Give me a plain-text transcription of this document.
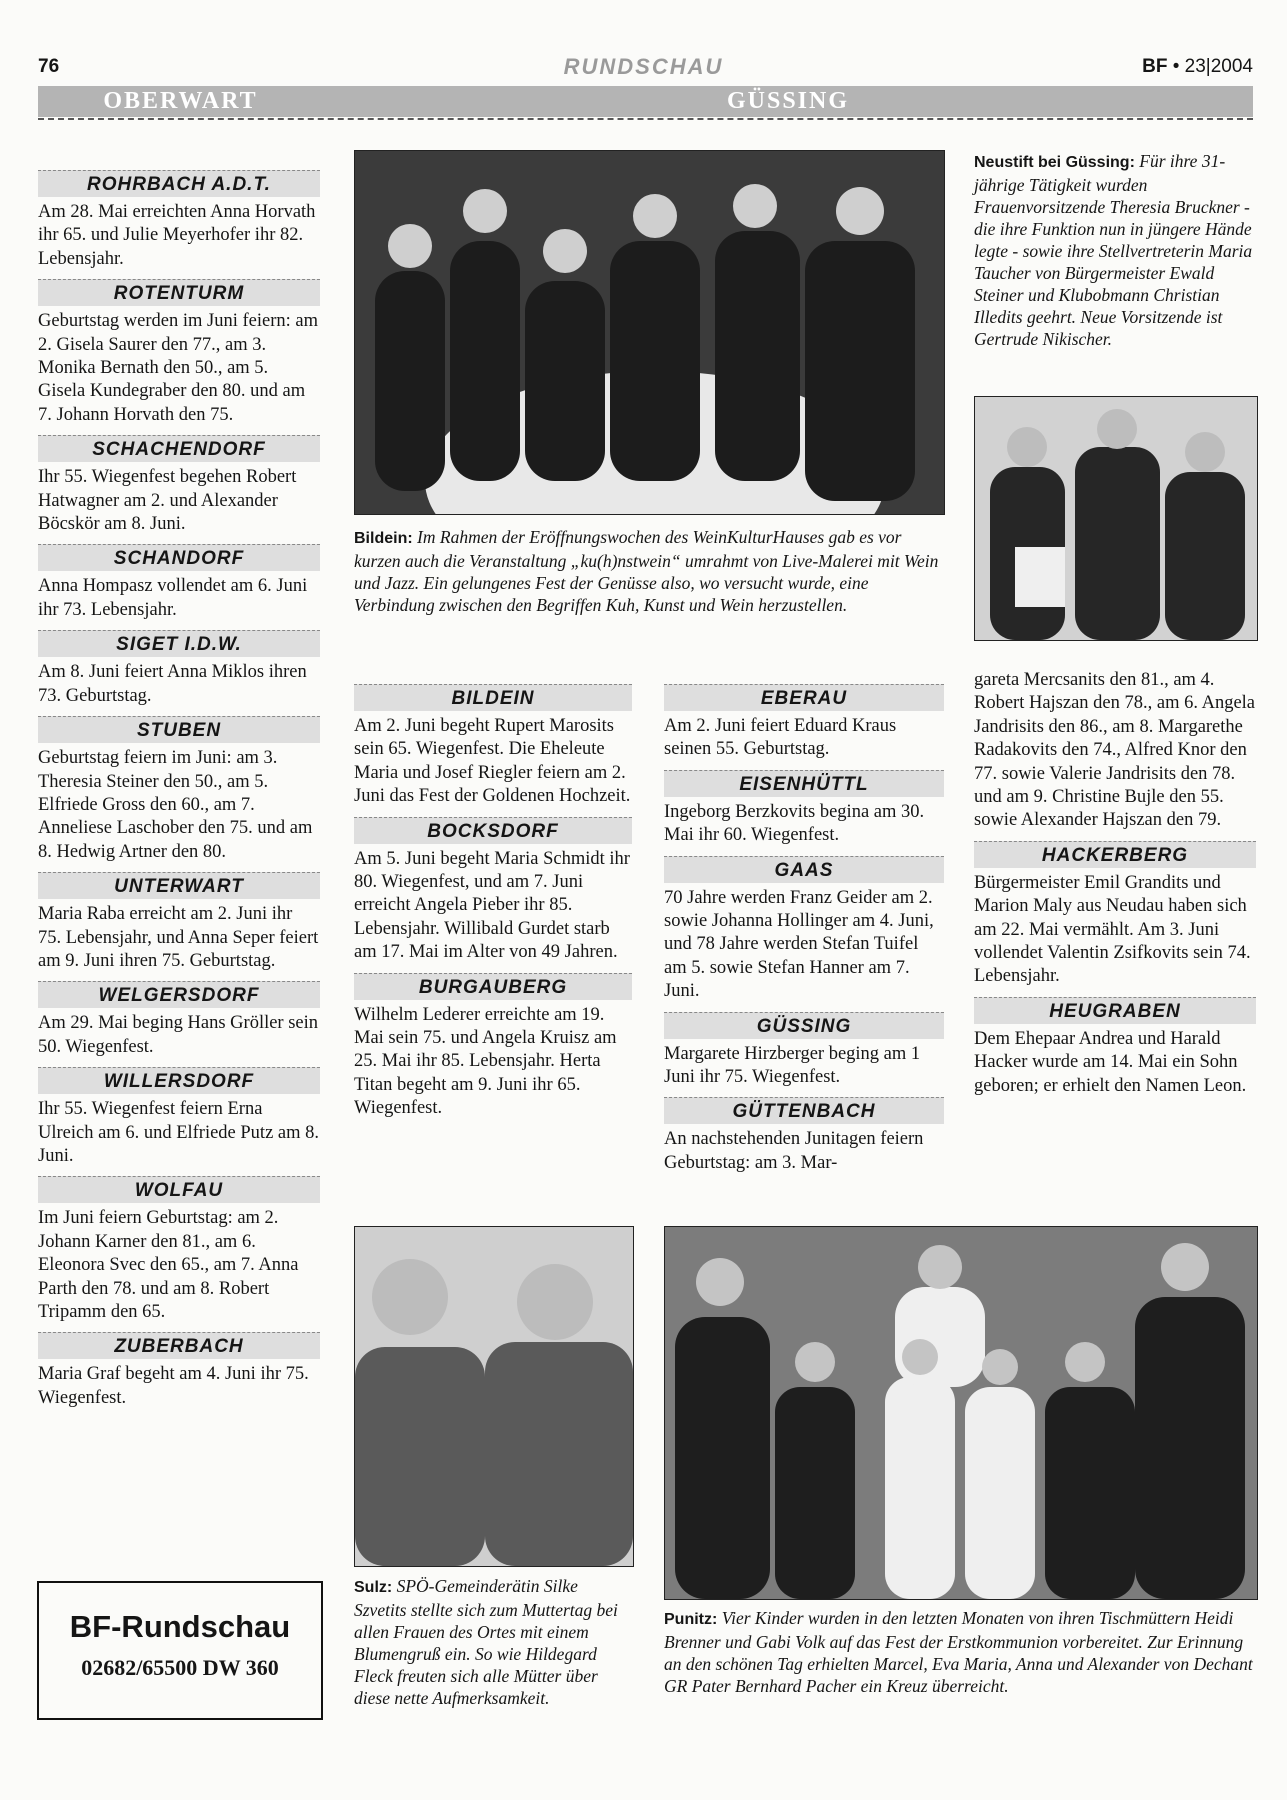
76	RUNDSCHAU	BF • 23|2004
OBERWART	GÜSSING
ROHRBACH A.D.T.

Am 28. Mai erreichten Anna Horvath ihr 65. und Julie Meyerhofer ihr 82. Lebensjahr.

ROTENTURM

Geburtstag werden im Juni feiern: am 2. Gisela Saurer den 77., am 3. Monika Bernath den 50., am 5. Gisela Kundegraber den 80. und am 7. Johann Horvath den 75.

SCHACHENDORF

Ihr 55. Wiegenfest begehen Robert Hatwagner am 2. und Alexander Böcskör am 8. Juni.

SCHANDORF

Anna Hompasz vollendet am 6. Juni ihr 73. Lebensjahr.

SIGET I.D.W.

Am 8. Juni feiert Anna Miklos ihren 73. Geburtstag.

STUBEN

Geburtstag feiern im Juni: am 3. Theresia Steiner den 50., am 5. Elfriede Gross den 60., am 7. Anneliese Laschober den 75. und am 8. Hedwig Artner den 80.

UNTERWART

Maria Raba erreicht am 2. Juni ihr 75. Lebensjahr, und Anna Seper feiert am 9. Juni ihren 75. Geburtstag.

WELGERSDORF

Am 29. Mai beging Hans Gröller sein 50. Wiegenfest.

WILLERSDORF

Ihr 55. Wiegenfest feiern Erna Ulreich am 6. und Elfriede Putz am 8. Juni.

WOLFAU

Im Juni feiern Geburtstag: am 2. Johann Karner den 81., am 6. Eleonora Svec den 65., am 7. Anna Parth den 78. und am 8. Robert Tripamm den 65.

ZUBERBACH

Maria Graf begeht am 4. Juni ihr 75. Wiegenfest.

BF-Rundschau
02682/65500 DW 360
Bildein: Im Rahmen der Eröffnungswochen des WeinKulturHauses gab es vor kurzen auch die Veranstaltung „ku(h)nstwein“ umrahmt von Live-Malerei mit Wein und Jazz. Ein gelungenes Fest der Genüsse also, wo versucht wurde, eine Verbindung zwischen den Begriffen Kuh, Kunst und Wein herzustellen.
Neustift bei Güssing: Für ihre 31-jährige Tätigkeit wurden Frauenvorsitzende Theresia Bruckner - die ihre Funktion nun in jüngere Hände legte - sowie ihre Stellvertreterin Maria Taucher von Bürgermeister Ewald Steiner und Klubobmann Christian Illedits geehrt. Neue Vorsitzende ist Gertrude Nikischer.
BILDEIN

Am 2. Juni begeht Rupert Marosits sein 65. Wiegenfest. Die Eheleute Maria und Josef Riegler feiern am 2. Juni das Fest der Goldenen Hochzeit.

BOCKSDORF

Am 5. Juni begeht Maria Schmidt ihr 80. Wiegenfest, und am 7. Juni erreicht Angela Pieber ihr 85. Lebensjahr. Willibald Gurdet starb am 17. Mai im Alter von 49 Jahren.

BURGAUBERG

Wilhelm Lederer erreichte am 19. Mai sein 75. und Angela Kruisz am 25. Mai ihr 85. Lebensjahr. Herta Titan begeht am 9. Juni ihr 65. Wiegenfest.

EBERAU

Am 2. Juni feiert Eduard Kraus seinen 55. Geburtstag.

EISENHÜTTL

Ingeborg Berzkovits begina am 30. Mai ihr 60. Wiegenfest.

GAAS

70 Jahre werden Franz Geider am 2. sowie Johanna Hollinger am 4. Juni, und 78 Jahre werden Stefan Tuifel am 5. sowie Stefan Hanner am 7. Juni.

GÜSSING

Margarete Hirzberger beging am 1 Juni ihr 75. Wiegenfest.

GÜTTENBACH

An nachstehenden Junitagen feiern Geburtstag: am 3. Mar-

gareta Mercsanits den 81., am 4. Robert Hajszan den 78., am 6. Angela Jandrisits den 86., am 8. Margarethe Radakovits den 74., Alfred Knor den 77. sowie Valerie Jandrisits den 78. und am 9. Christine Bujle den 55. sowie Alexander Hajszan den 79.

HACKERBERG

Bürgermeister Emil Grandits und Marion Maly aus Neudau haben sich am 22. Mai vermählt. Am 3. Juni vollendet Valentin Zsifkovits sein 74. Lebensjahr.

HEUGRABEN

Dem Ehepaar Andrea und Harald Hacker wurde am 14. Mai ein Sohn geboren; er erhielt den Namen Leon.

Sulz: SPÖ-Gemeinderätin Silke Szvetits stellte sich zum Muttertag bei allen Frauen des Ortes mit einem Blumengruß ein. So wie Hildegard Fleck freuten sich alle Mütter über diese nette Aufmerksamkeit.
Punitz: Vier Kinder wurden in den letzten Monaten von ihren Tischmüttern Heidi Brenner und Gabi Volk auf das Fest der Erstkommunion vorbereitet. Zur Erinnung an den schönen Tag erhielten Marcel, Eva Maria, Anna und Alexander von Dechant GR Pater Bernhard Pacher ein Kreuz überreicht.
